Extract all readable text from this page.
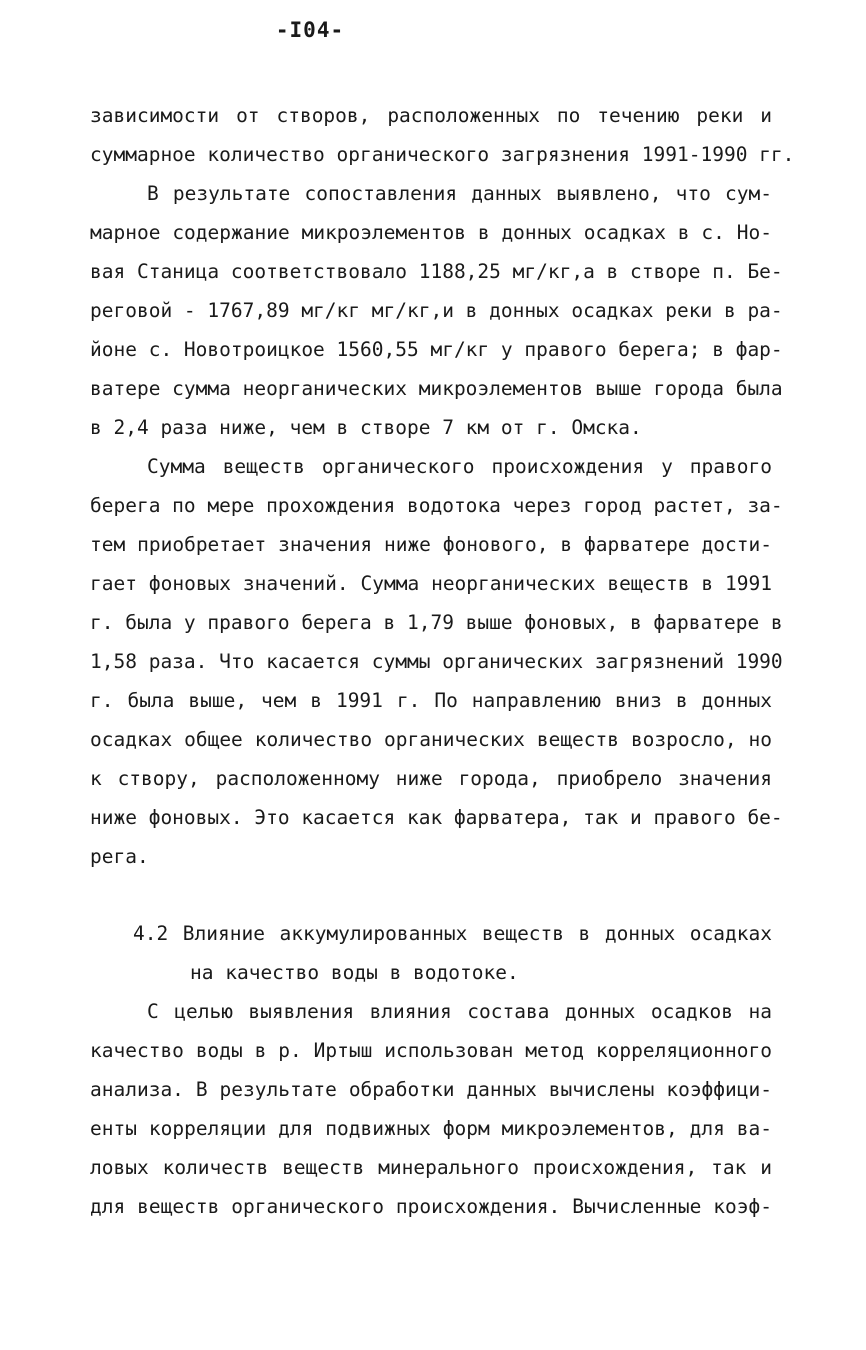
-I04-
зависимости от створов, расположенных по течению реки и
суммарное количество органического загрязнения 1991-1990 гг.
В результате сопоставления данных выявлено, что сум-
марное содержание микроэлементов в донных осадках в с. Но-
вая Станица соответствовало 1188,25 мг/кг,а в створе п. Бе-
реговой - 1767,89 мг/кг мг/кг,и в донных осадках реки в ра-
йоне с. Новотроицкое 1560,55 мг/кг у правого берега; в фар-
ватере сумма неорганических микроэлементов выше города была
в 2,4 раза ниже, чем в створе 7 км от г. Омска.
Сумма веществ органического происхождения у правого
берега по мере прохождения водотока через город растет, за-
тем приобретает значения ниже фонового, в фарватере дости-
гает фоновых значений. Сумма неорганических веществ в 1991
г. была у правого берега в 1,79 выше фоновых, в фарватере в
1,58 раза. Что касается суммы органических загрязнений 1990
г. была выше, чем в 1991 г. По направлению вниз в донных
осадках общее количество органических веществ возросло, но
к створу, расположенному ниже города, приобрело значения
ниже фоновых. Это касается как фарватера, так и правого бе-
рега.
4.2 Влияние аккумулированных веществ в донных осадках
на качество воды в водотоке.
С целью выявления влияния состава донных осадков на
качество воды в р. Иртыш использован метод корреляционного
анализа. В результате обработки данных вычислены коэффици-
енты корреляции для подвижных форм микроэлементов, для ва-
ловых количеств веществ минерального происхождения, так и
для веществ органического происхождения. Вычисленные коэф-
